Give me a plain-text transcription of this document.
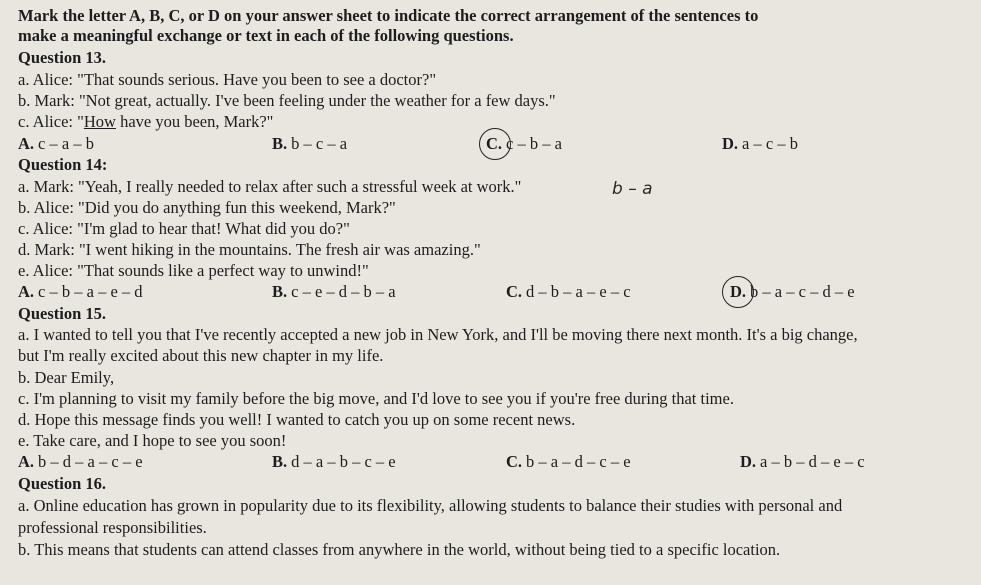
Mark the letter A, B, C, or D on your answer sheet to indicate the correct arrangement of the sentences to
make a meaningful exchange or text in each of the following questions.
Question 13.
a. Alice: "That sounds serious. Have you been to see a doctor?"
b. Mark: "Not great, actually. I've been feeling under the weather for a few days."
c. Alice: "How have you been, Mark?"
A. c – a – b	B. b – c – a	C. c – b – a	D. a – c – b
Question 14:
a. Mark: "Yeah, I really needed to relax after such a stressful week at work."	b – a
b. Alice: "Did you do anything fun this weekend, Mark?"
c. Alice: "I'm glad to hear that! What did you do?"
d. Mark: "I went hiking in the mountains. The fresh air was amazing."
e. Alice: "That sounds like a perfect way to unwind!"
A. c – b – a – e – d	B. c – e – d – b – a	C. d – b – a – e – c	D. b – a – c – d – e
Question 15.
a. I wanted to tell you that I've recently accepted a new job in New York, and I'll be moving there next month. It's a big change,
but I'm really excited about this new chapter in my life.
b. Dear Emily,
c. I'm planning to visit my family before the big move, and I'd love to see you if you're free during that time.
d. Hope this message finds you well! I wanted to catch you up on some recent news.
e. Take care, and I hope to see you soon!
A. b – d – a – c – e	B. d – a – b – c – e	C. b – a – d – c – e	D. a – b – d – e – c
Question 16.
a. Online education has grown in popularity due to its flexibility, allowing students to balance their studies with personal and
professional responsibilities.
b. This means that students can attend classes from anywhere in the world, without being tied to a specific location.
